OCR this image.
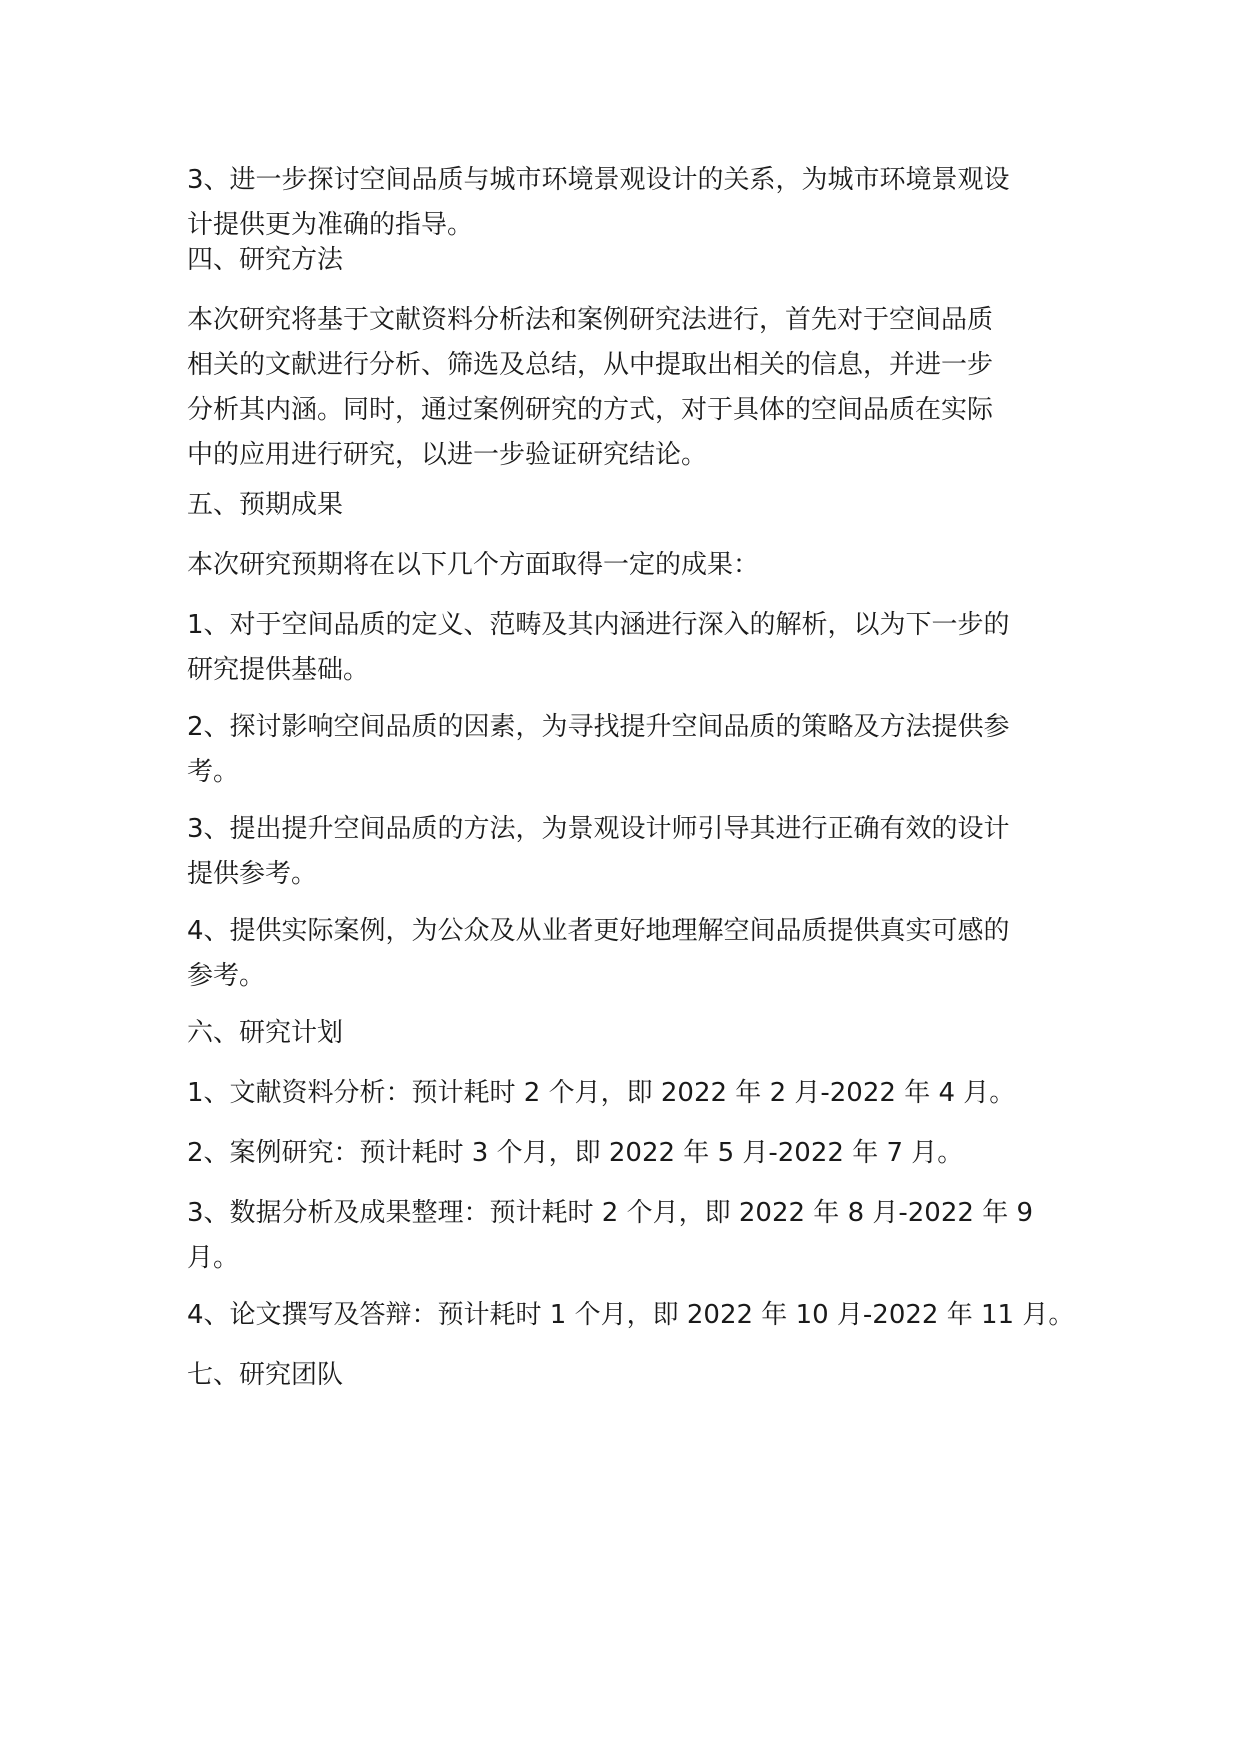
3、进一步探讨空间品质与城市环境景观设计的关系，为城市环境景观设
计提供更为准确的指导。
四、研究方法
本次研究将基于文献资料分析法和案例研究法进行，首先对于空间品质
相关的文献进行分析、筛选及总结，从中提取出相关的信息，并进一步
分析其内涵。同时，通过案例研究的方式，对于具体的空间品质在实际
中的应用进行研究，以进一步验证研究结论。
五、预期成果
本次研究预期将在以下几个方面取得一定的成果：
1、对于空间品质的定义、范畴及其内涵进行深入的解析，以为下一步的
研究提供基础。
2、探讨影响空间品质的因素，为寻找提升空间品质的策略及方法提供参
考。
3、提出提升空间品质的方法，为景观设计师引导其进行正确有效的设计
提供参考。
4、提供实际案例，为公众及从业者更好地理解空间品质提供真实可感的
参考。
六、研究计划
1、文献资料分析：预计耗时 2 个月，即 2022 年 2 月-2022 年 4 月。
2、案例研究：预计耗时 3 个月，即 2022 年 5 月-2022 年 7 月。
3、数据分析及成果整理：预计耗时 2 个月，即 2022 年 8 月-2022 年 9
月。
4、论文撰写及答辩：预计耗时 1 个月，即 2022 年 10 月-2022 年 11 月。
七、研究团队
